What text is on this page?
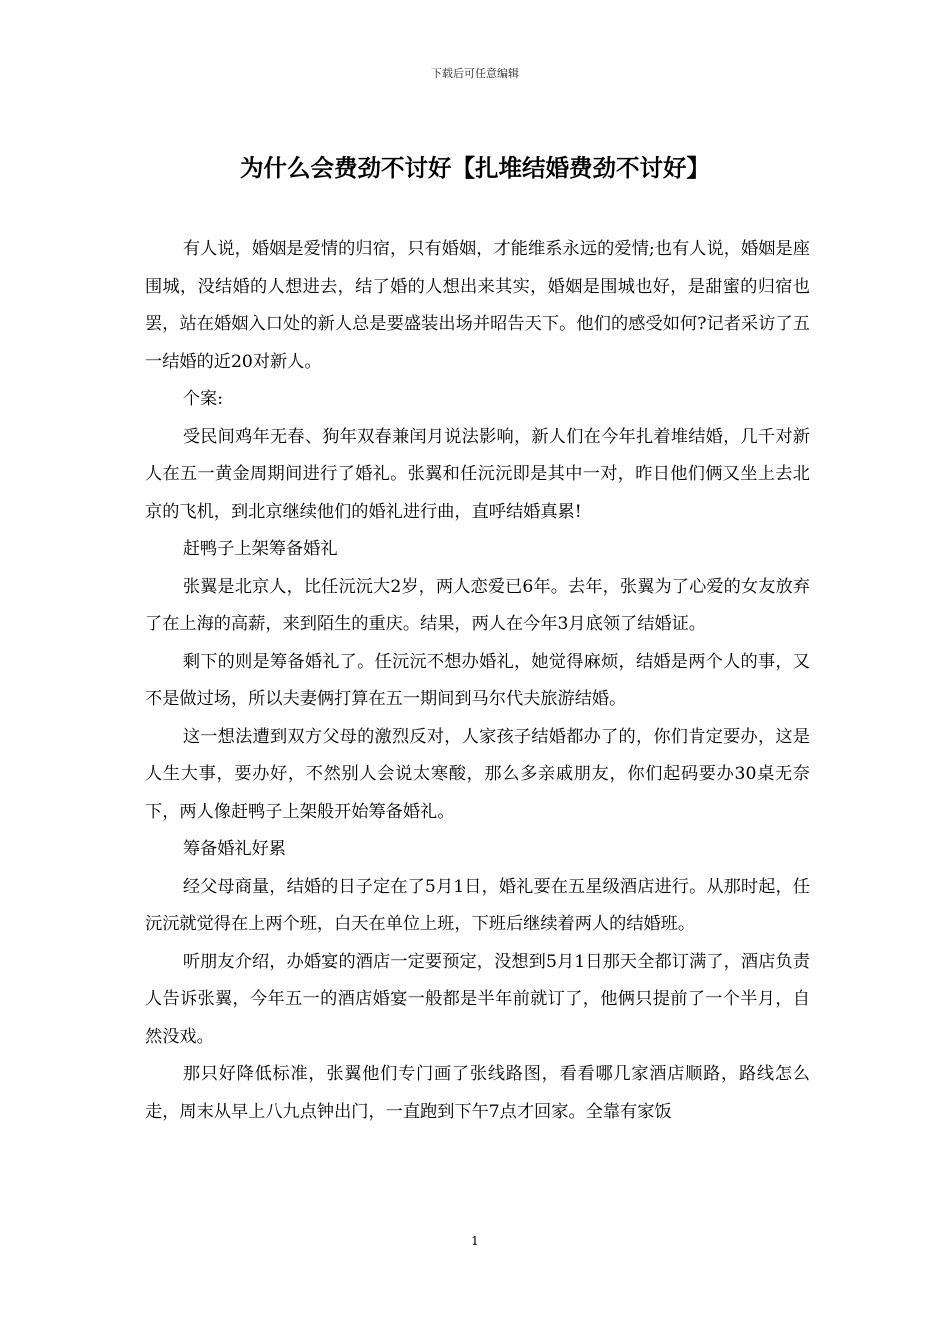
下载后可任意编辑
为什么会费劲不讨好【扎堆结婚费劲不讨好】

有人说，婚姻是爱情的归宿，只有婚姻，才能维系永远的爱情;也有人说，婚姻是座围城，没结婚的人想进去，结了婚的人想出来其实，婚姻是围城也好，是甜蜜的归宿也罢，站在婚姻入口处的新人总是要盛装出场并昭告天下。他们的感受如何?记者采访了五一结婚的近20对新人。

个案:

受民间鸡年无春、狗年双春兼闰月说法影响，新人们在今年扎着堆结婚，几千对新人在五一黄金周期间进行了婚礼。张翼和任沅沅即是其中一对，昨日他们俩又坐上去北京的飞机，到北京继续他们的婚礼进行曲，直呼结婚真累!

赶鸭子上架筹备婚礼

张翼是北京人，比任沅沅大2岁，两人恋爱已6年。去年，张翼为了心爱的女友放弃了在上海的高薪，来到陌生的重庆。结果，两人在今年3月底领了结婚证。

剩下的则是筹备婚礼了。任沅沅不想办婚礼，她觉得麻烦，结婚是两个人的事，又不是做过场，所以夫妻俩打算在五一期间到马尔代夫旅游结婚。

这一想法遭到双方父母的激烈反对，人家孩子结婚都办了的，你们肯定要办，这是人生大事，要办好，不然别人会说太寒酸，那么多亲戚朋友，你们起码要办30桌无奈下，两人像赶鸭子上架般开始筹备婚礼。

筹备婚礼好累

经父母商量，结婚的日子定在了5月1日，婚礼要在五星级酒店进行。从那时起，任沅沅就觉得在上两个班，白天在单位上班，下班后继续着两人的结婚班。

听朋友介绍，办婚宴的酒店一定要预定，没想到5月1日那天全都订满了，酒店负责人告诉张翼，今年五一的酒店婚宴一般都是半年前就订了，他俩只提前了一个半月，自然没戏。

那只好降低标准，张翼他们专门画了张线路图，看看哪几家酒店顺路，路线怎么走，周末从早上八九点钟出门，一直跑到下午7点才回家。全靠有家饭

1
